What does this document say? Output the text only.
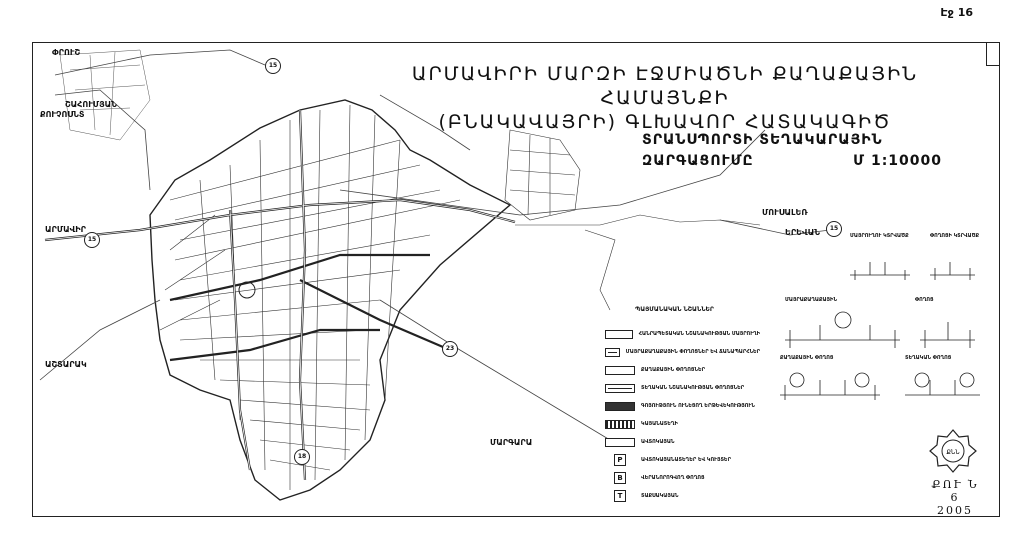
Էջ 16
ԱՐՄԱՎԻՐԻ ՄԱՐԶԻ ԷՋՄԻԱԾՆԻ ՔԱՂԱՔԱՅԻՆ ՀԱՄԱՅՆՔԻ
(ԲՆԱԿԱՎԱՅՐԻ) ԳԼԽԱՎՈՐ ՀԱՏԱԿԱԳԻԾ
ՏՐԱՆՍՊՈՐՏԻ ՏԵՂԱԿԱՐԱՅԻՆ
ԶԱՐԳԱՑՈՒՄԸ	Մ 1:10000
ՓՐՈՒՇ
ՔՈՒՉՈՍՆՏ
ՇԱՀՈՒՄՅԱՆ
ԱՐՄԱՎԻՐ
ԱՇՏԱՐԱԿ
ՄԱՐԳԱՐԱ
ՄՈՒՍԱԼԵՌ
ԵՐԵՎԱՆ
15
15
15
23
18
ՄԱՅՐՈՒՂՈՒ ԿՏՐՎԱԾՔ	ՓՈՂՈՑԻ ԿՏՐՎԱԾՔ
ՄԱՅՐԱՔԱՂԱՔԱՅԻՆ	ՓՈՂՈՑ
ՔԱՂԱՔԱՅԻՆ ՓՈՂՈՑ	ՏԵՂԱԿԱՆ ՓՈՂՈՑ
ՊԱՅՄԱՆԱԿԱՆ ՆՇԱՆՆԵՐ
ՀԱՆՐԱՊԵՏԱԿԱՆ ՆՇԱՆԱԿՈՒԹՅԱՆ ՄԱՅՐՈՒՂԻ
ՄԱՅՐԱՔԱՂԱՔԱՅԻՆ ՓՈՂՈՑՆԵՐ ԵՎ ՃԱՆԱՊԱՐՀՆԵՐ
ՔԱՂԱՔԱՅԻՆ ՓՈՂՈՑՆԵՐ
ՏԵՂԱԿԱՆ ՆՇԱՆԱԿՈՒԹՅԱՆ ՓՈՂՈՑՆԵՐ
ԳՈՅՈՒԹՅՈՒՆ ՈՒՆԵՑՈՂ ԵՐԹԵՎԵԿՈՒԹՅՈՒՆ
ԿԱՅԱՆԱՏԵՂԻ
ԱՎՏՈԿԱՅԱՆ
P	ԱՎՏՈԿԱՅԱՆԱՏԵՂԵՐ ԵՎ ԿՈՒՅՏԵՐ
B	ՎԵՐԱՆՈՐՈԳՎՈՂ ՓՈՂՈՑ
T	ՏԱՔՍԱԿԱՅԱՆ
ՔՆՆ
ՔՈՒ Ն 6
2005
